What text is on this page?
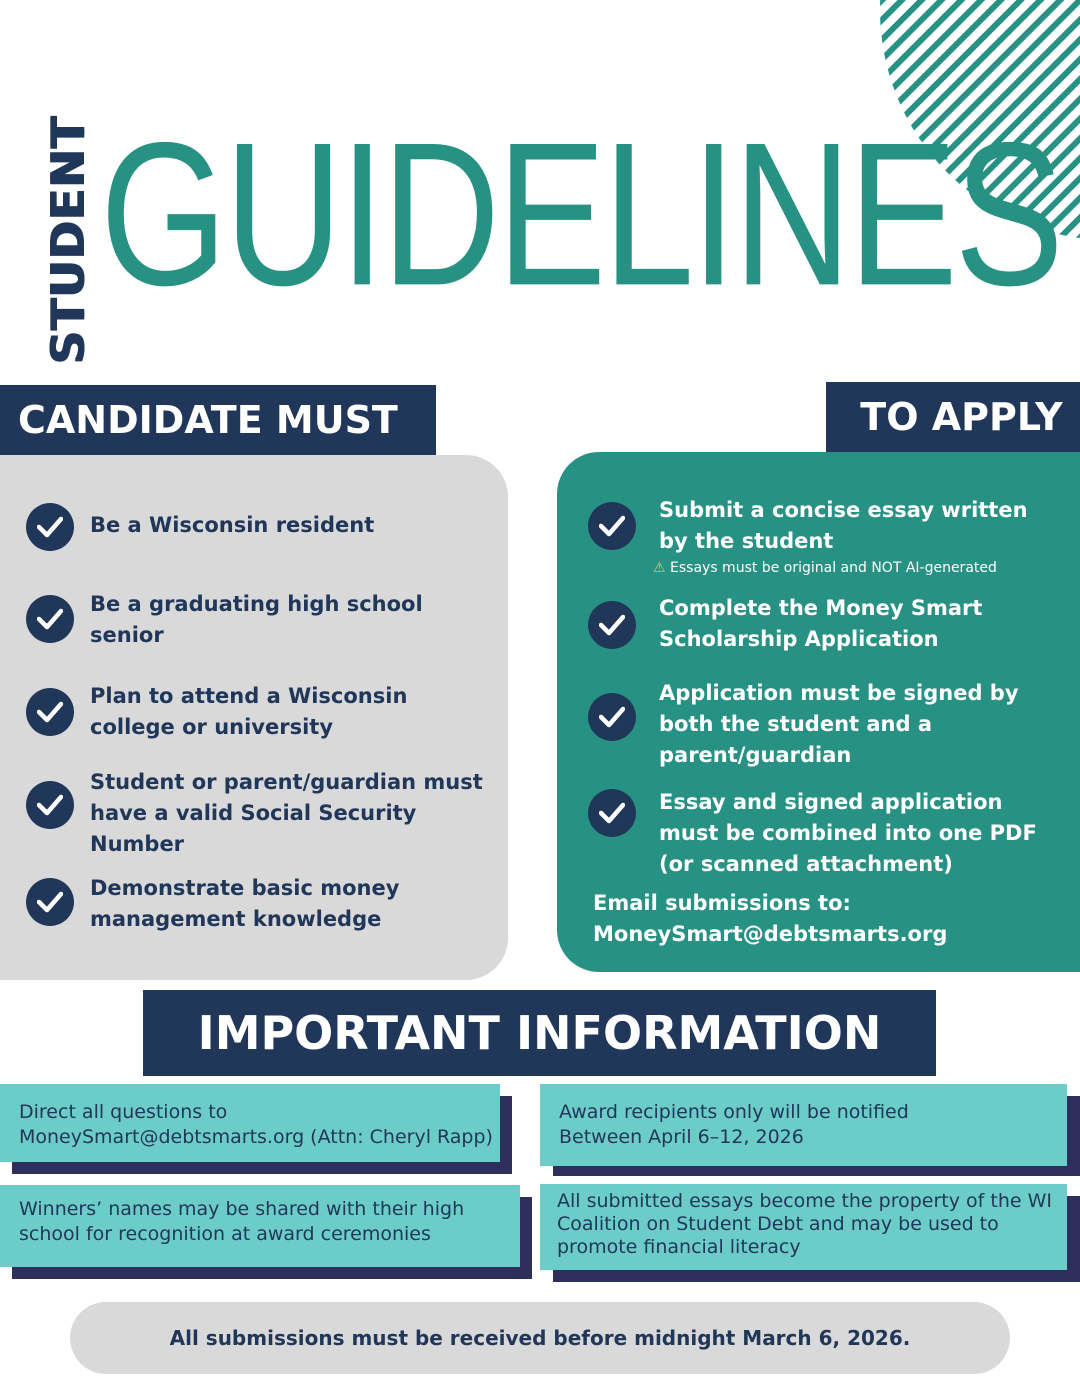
STUDENT GUIDELINES
CANDIDATE MUST	TO APPLY
Be a Wisconsin resident
Be a graduating high school senior
Plan to attend a Wisconsin college or university
Student or parent/guardian must have a valid Social Security Number
Demonstrate basic money management knowledge
Submit a concise essay written by the student
⚠ Essays must be original and NOT AI-generated
Complete the Money Smart Scholarship Application
Application must be signed by both the student and a parent/guardian
Essay and signed application must be combined into one PDF (or scanned attachment)
Email submissions to:
MoneySmart@debtsmarts.org
IMPORTANT INFORMATION
Direct all questions to
MoneySmart@debtsmarts.org (Attn: Cheryl Rapp)
Award recipients only will be notified
Between April 6–12, 2026
Winners’ names may be shared with their high
school for recognition at award ceremonies
All submitted essays become the property of the WI
Coalition on Student Debt and may be used to
promote financial literacy
All submissions must be received before midnight March 6, 2026.
